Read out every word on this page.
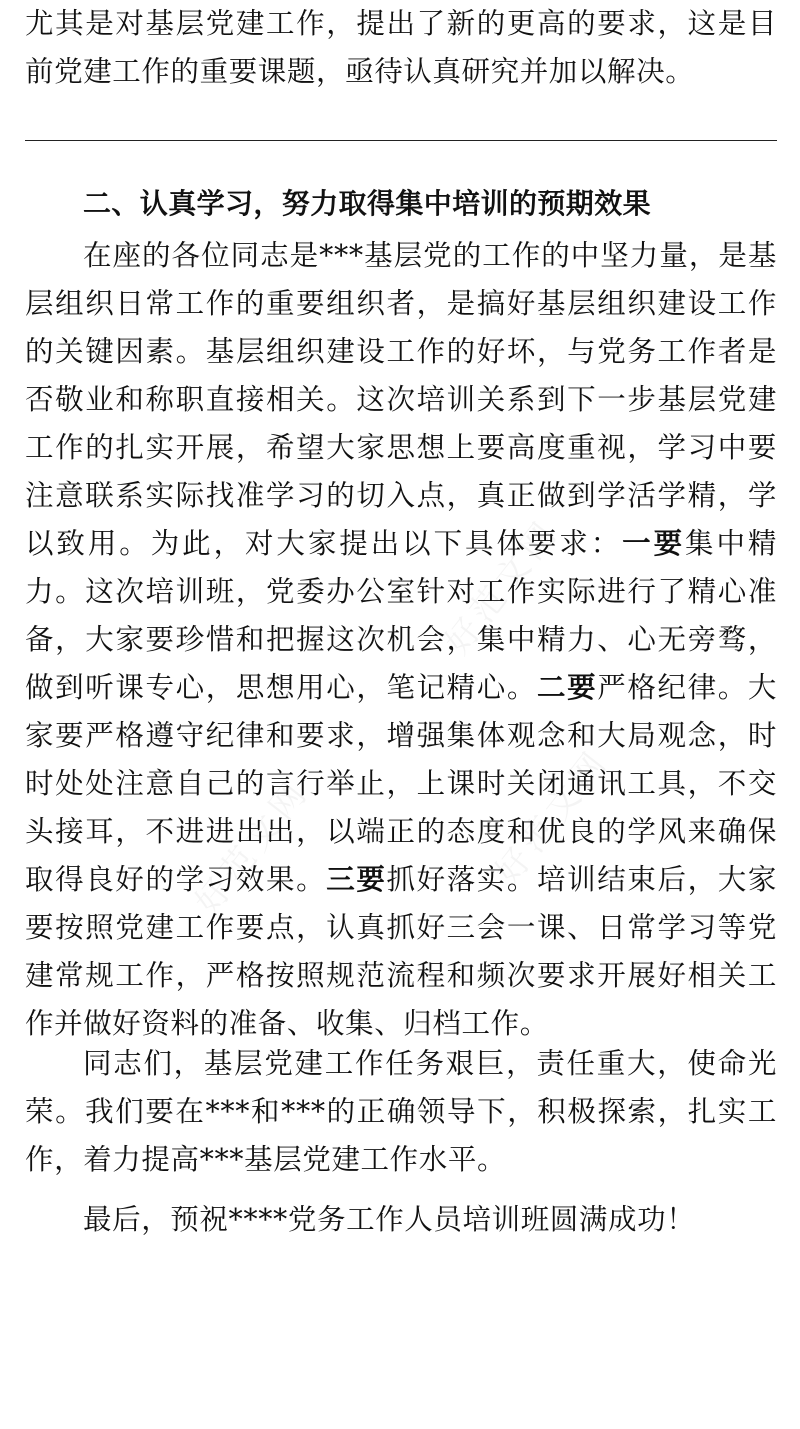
尤其是对基层党建工作，提出了新的更高的要求，这是目前党建工作的重要课题，亟待认真研究并加以解决。

二、认真学习，努力取得集中培训的预期效果

在座的各位同志是***基层党的工作的中坚力量，是基层组织日常工作的重要组织者，是搞好基层组织建设工作的关键因素。基层组织建设工作的好坏，与党务工作者是否敬业和称职直接相关。这次培训关系到下一步基层党建工作的扎实开展，希望大家思想上要高度重视，学习中要注意联系实际找准学习的切入点，真正做到学活学精，学以致用。为此，对大家提出以下具体要求：一要集中精力。这次培训班，党委办公室针对工作实际进行了精心准备，大家要珍惜和把握这次机会，集中精力、心无旁骛，做到听课专心，思想用心，笔记精心。二要严格纪律。大家要严格遵守纪律和要求，增强集体观念和大局观念，时时处处注意自己的言行举止，上课时关闭通讯工具，不交头接耳，不进进出出，以端正的态度和优良的学风来确保取得良好的学习效果。三要抓好落实。培训结束后，大家要按照党建工作要点，认真抓好三会一课、日常学习等党建常规工作，严格按照规范流程和频次要求开展好相关工作并做好资料的准备、收集、归档工作。

同志们，基层党建工作任务艰巨，责任重大，使命光荣。我们要在***和***的正确领导下，积极探索，扎实工作，着力提高***基层党建工作水平。

最后，预祝****党务工作人员培训班圆满成功！
